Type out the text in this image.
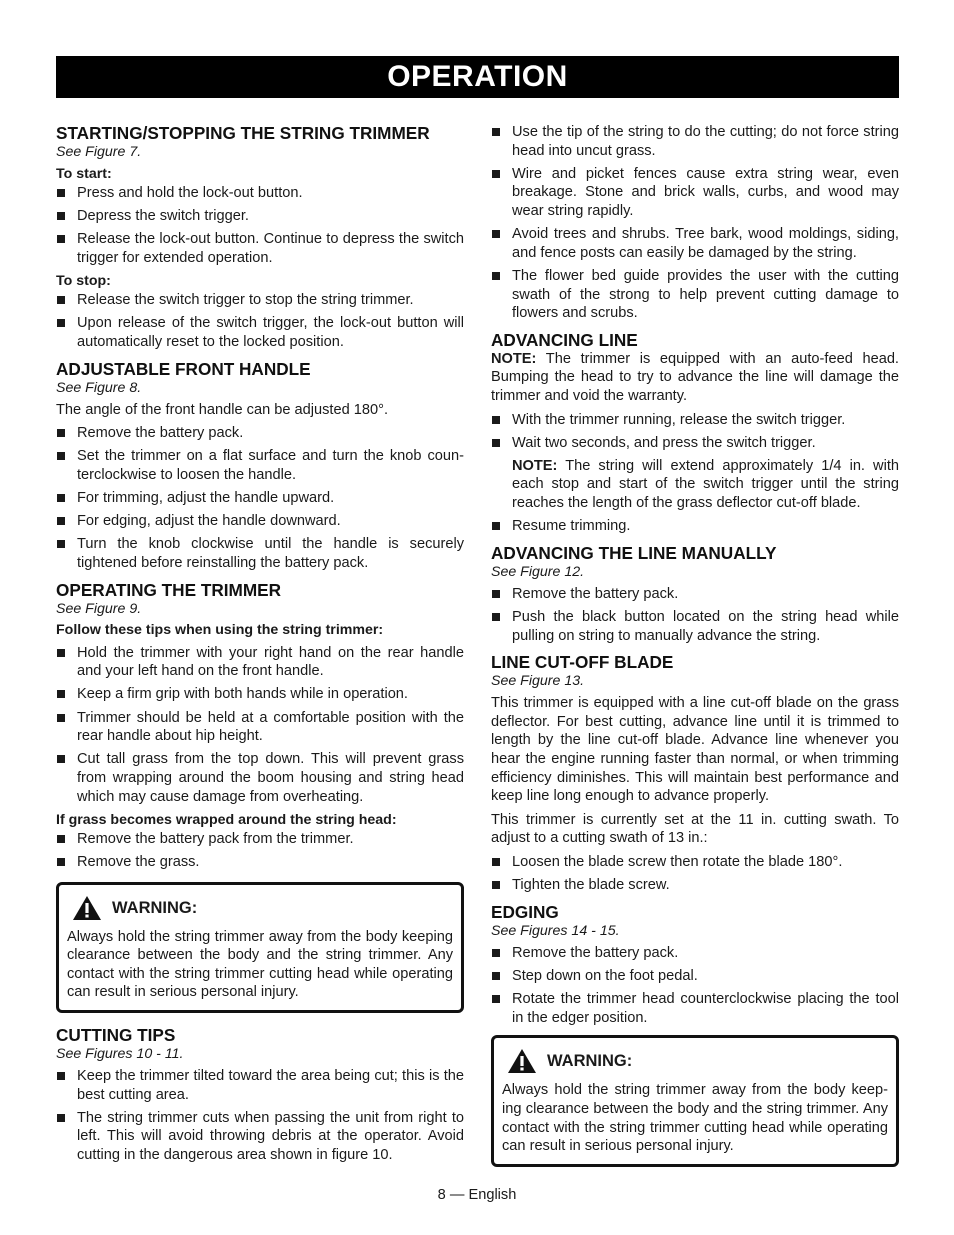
OPERATION
STARTING/STOPPING THE STRING TRIMMER
See Figure 7.
To start:
Press and hold the lock-out button.
Depress the switch trigger.
Release the lock-out button. Continue to depress the switch trigger for extended operation.
To stop:
Release the switch trigger to stop the string trimmer.
Upon release of the switch trigger, the lock-out button will automatically reset to the locked position.
ADJUSTABLE FRONT HANDLE
See Figure 8.

The angle of the front handle can be adjusted 180°.

Remove the battery pack.
Set the trimmer on a flat surface and turn the knob coun- terclockwise to loosen the handle.
For trimming, adjust the handle upward.
For edging, adjust the handle downward.
Turn the knob clockwise until the handle is securely tightened before reinstalling the battery pack.
OPERATING THE TRIMMER
See Figure 9.
Follow these tips when using the string trimmer:
Hold the trimmer with your right hand on the rear handle and your left hand on the front handle.
Keep a firm grip with both hands while in operation.
Trimmer should be held at a comfortable position with the rear handle about hip height.
Cut tall grass from the top down. This will prevent grass from wrapping around the boom housing and string head which may cause damage from overheating.
If grass becomes wrapped around the string head:
Remove the battery pack from the trimmer.
Remove the grass.
WARNING:
Always hold the string trimmer away from the body keeping clearance between the body and the string trimmer. Any contact with the string trimmer cutting head while operating can result in serious personal injury.
CUTTING TIPS
See Figures 10 - 11.
Keep the trimmer tilted toward the area being cut; this is the best cutting area.
The string trimmer cuts when passing the unit from right to left. This will avoid throwing debris at the operator. Avoid cutting in the dangerous area shown in figure 10.
Use the tip of the string to do the cutting; do not force string head into uncut grass.
Wire and picket fences cause extra string wear, even breakage. Stone and brick walls, curbs, and wood may wear string rapidly.
Avoid trees and shrubs. Tree bark, wood moldings, siding, and fence posts can easily be damaged by the string.
The flower bed guide provides the user with the cutting swath of the strong to help prevent cutting damage to flowers and scrubs.
ADVANCING LINE

NOTE: The trimmer is equipped with an auto-feed head. Bumping the head to try to advance the line will damage the trimmer and void the warranty.

With the trimmer running, release the switch trigger.
Wait two seconds, and press the switch trigger.
NOTE: The string will extend approximately 1/4 in. with each stop and start of the switch trigger until the string reaches the length of the grass deflector cut-off blade.
Resume trimming.
ADVANCING THE LINE MANUALLY
See Figure 12.
Remove the battery pack.
Push the black button located on the string head while pulling on string to manually advance the string.
LINE CUT-OFF BLADE
See Figure 13.

This trimmer is equipped with a line cut-off blade on the grass deflector. For best cutting, advance line until it is trimmed to length by the line cut-off blade. Advance line whenever you hear the engine running faster than normal, or when trimming efficiency diminishes. This will maintain best performance and keep line long enough to advance properly.

This trimmer is currently set at the 11 in. cutting swath. To adjust to a cutting swath of 13 in.:

Loosen the blade screw then rotate the blade 180°.
Tighten the blade screw.
EDGING
See Figures 14 - 15.
Remove the battery pack.
Step down on the foot pedal.
Rotate the trimmer head counterclockwise placing the tool in the edger position.
WARNING:
Always hold the string trimmer away from the body keep- ing clearance between the body and the string trimmer. Any contact with the string trimmer cutting head while operating can result in serious personal injury.
8 — English
